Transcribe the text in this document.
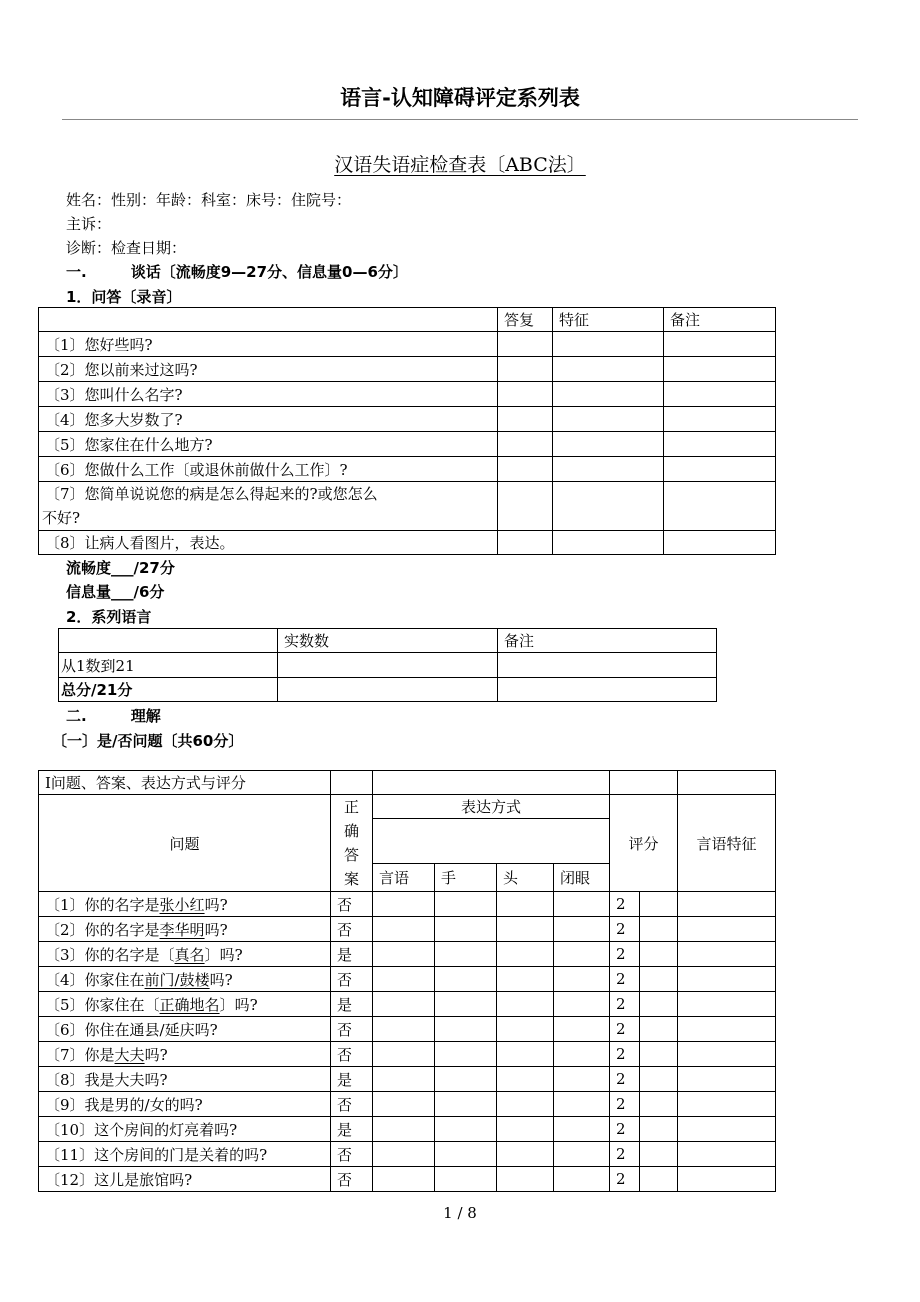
语言-认知障碍评定系列表
汉语失语症检查表〔ABC法〕
姓名：性别：年龄：科室：床号：住院号：
主诉：
诊断：检查日期：
一.	谈话〔流畅度9—27分、信息量0—6分〕
1．问答〔录音〕
	答复	特征	备注
〔1〕您好些吗?			
〔2〕您以前来过这吗?			
〔3〕您叫什么名字?			
〔4〕您多大岁数了?			
〔5〕您家住在什么地方?			
〔6〕您做什么工作〔或退休前做什么工作〕?			

〔7〕您简单说说您的病是怎么得起来的?或您怎么
不好?			

〔8〕让病人看图片，表达。			
流畅度___/27分
信息量___/6分
2．系列语言
	实数数	备注
从1数到21		
总分/21分		
二.	理解
〔一〕是/否问题〔共60分〕
Ⅰ问题、答案、表达方式与评分								
问题	正
确
答
案	表达方式				评分		言语特征

		言语	手	头	闭眼			
〔1〕你的名字是张小红吗?	否					2		
〔2〕你的名字是李华明吗?	否					2		
〔3〕你的名字是〔真名〕吗?	是					2		
〔4〕你家住在前门/鼓楼吗?	否					2		
〔5〕你家住在〔正确地名〕吗?	是					2		
〔6〕你住在通县/延庆吗?	否					2		
〔7〕你是大夫吗?	否					2		
〔8〕我是大夫吗?	是					2		
〔9〕我是男的/女的吗?	否					2		
〔10〕这个房间的灯亮着吗?	是					2		
〔11〕这个房间的门是关着的吗?	否					2		
〔12〕这儿是旅馆吗?	否					2		
1 / 8
